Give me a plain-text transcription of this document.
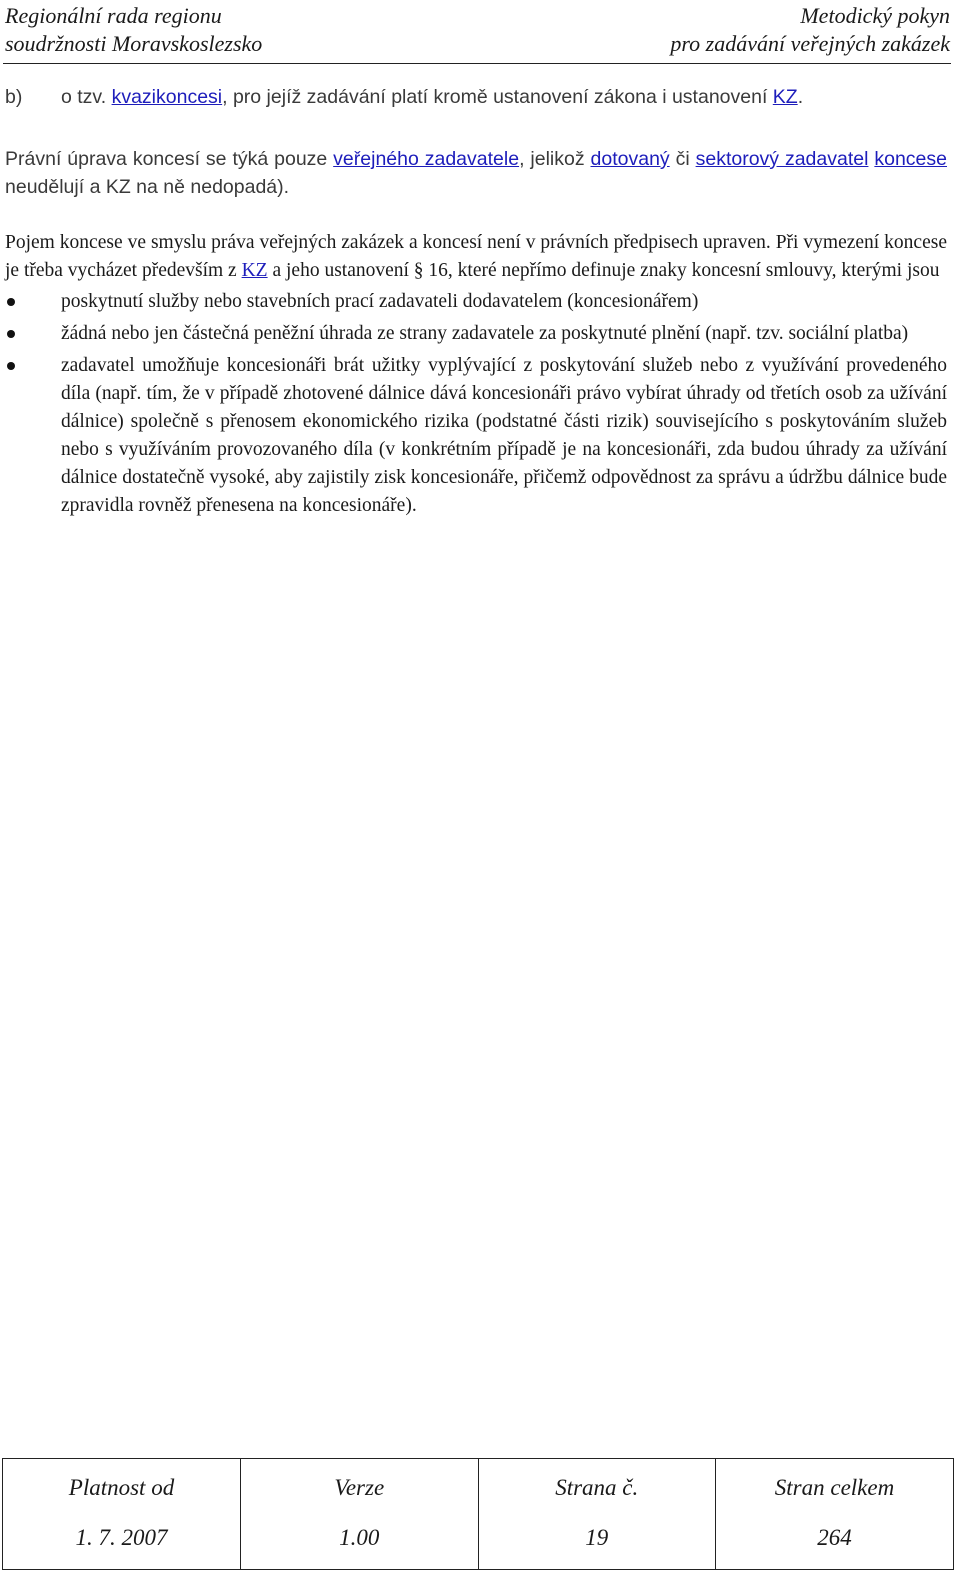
Regionální rada regionu
soudržnosti Moravskoslezsko
Metodický pokyn
pro zadávání veřejných zakázek

b) o tzv. kvazikoncesi, pro jejíž zadávání platí kromě ustanovení zákona i ustanovení KZ.

Právní úprava koncesí se týká pouze veřejného zadavatele, jelikož dotovaný či sektorový zadavatel koncese neudělují a KZ na ně nedopadá).

Pojem koncese ve smyslu práva veřejných zakázek a koncesí není v právních předpisech upraven. Při vymezení koncese je třeba vycházet především z KZ a jeho ustanovení § 16, které nepřímo definuje znaky koncesní smlouvy, kterými jsou

poskytnutí služby nebo stavebních prací zadavateli dodavatelem (koncesionářem)
žádná nebo jen částečná peněžní úhrada ze strany zadavatele za poskytnuté plnění (např. tzv. sociální platba)
zadavatel umožňuje koncesionáři brát užitky vyplývající z poskytování služeb nebo z využívání provedeného díla (např. tím, že v případě zhotovené dálnice dává koncesionáři právo vybírat úhrady od třetích osob za užívání dálnice) společně s přenosem ekonomického rizika (podstatné části rizik) souvisejícího s poskytováním služeb nebo s využíváním provozovaného díla (v konkrétním případě je na koncesionáři, zda budou úhrady za užívání dálnice dostatečně vysoké, aby zajistily zisk koncesionáře, přičemž odpovědnost za správu a údržbu dálnice bude zpravidla rovněž přenesena na koncesionáře).
Platnost od
1. 7. 2007

Verze
1.00

Strana č.
19

Stran celkem
264
